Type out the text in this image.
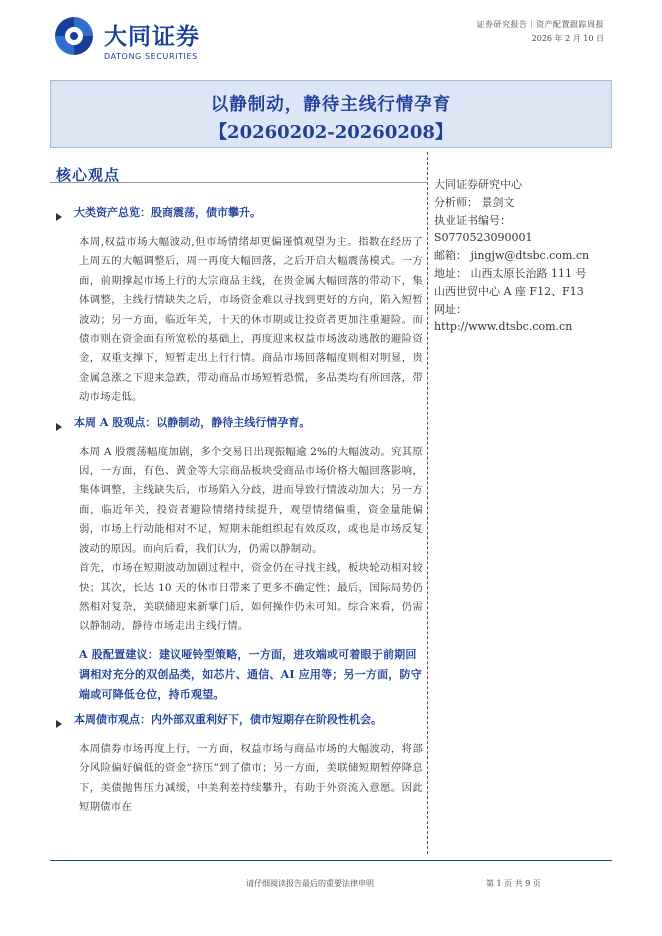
大同证券
DATONG SECURITIES
证券研究报告｜资产配置跟踪周报
2026 年 2 月 10 日
以静制动，静待主线行情孕育
【20260202-20260208】
核心观点
大同证券研究中心
分析师： 景剑文
执业证书编号：
S0770523090001
邮箱： jingjw@dtsbc.com.cn
地址： 山西太原长治路 111 号
山西世贸中心 A 座 F12、F13
网址：
http://www.dtsbc.com.cn
大类资产总览：股商震荡，债市攀升。
本周,权益市场大幅波动,但市场情绪却更偏谨慎观望为主。指数在经历了上周五的大幅调整后，周一再度大幅回落，之后开启大幅震荡模式。一方面，前期撑起市场上行的大宗商品主线，在贵金属大幅回落的带动下，集体调整，主线行情缺失之后，市场资金难以寻找到更好的方向，陷入短暂波动；另一方面，临近年关，十天的休市期或让投资者更加注重避险。而债市则在资金面有所宽松的基础上，再度迎来权益市场波动逃散的避险资金，双重支撑下，短暂走出上行行情。商品市场回落幅度则相对明显，贵金属急涨之下迎来急跌，带动商品市场短暂恐慌，多品类均有所回落，带动市场走低。
本周 A 股观点：以静制动，静待主线行情孕育。
本周 A 股震荡幅度加剧，多个交易日出现振幅逾 2%的大幅波动。究其原因，一方面，有色、黄金等大宗商品板块受商品市场价格大幅回落影响，集体调整，主线缺失后，市场陷入分歧，进而导致行情波动加大；另一方面，临近年关，投资者避险情绪持续提升，观望情绪偏重，资金量能偏弱，市场上行动能相对不足，短期未能组织起有效反攻，或也是市场反复波动的原因。而向后看，我们认为，仍需以静制动。
首先，市场在短期波动加剧过程中，资金仍在寻找主线，板块轮动相对较快；其次，长达 10 天的休市日带来了更多不确定性；最后，国际局势仍然相对复杂，美联储迎来新掌门后，如何操作仍未可知。综合来看，仍需以静制动，静待市场走出主线行情。
A 股配置建议：建议哑铃型策略，一方面，进攻端或可着眼于前期回调相对充分的双创品类，如芯片、通信、AI 应用等；另一方面，防守端或可降低仓位，持币观望。
本周债市观点：内外部双重利好下，债市短期存在阶段性机会。
本周债券市场再度上行，一方面，权益市场与商品市场的大幅波动，将部分风险偏好偏低的资金“挤压”到了债市；另一方面，美联储短期暂停降息下，美债抛售压力减缓，中美利差持续攀升，有助于外资流入意愿。因此短期债市在
请仔细阅读报告最后的重要法律申明	第 1 页 共 9 页
